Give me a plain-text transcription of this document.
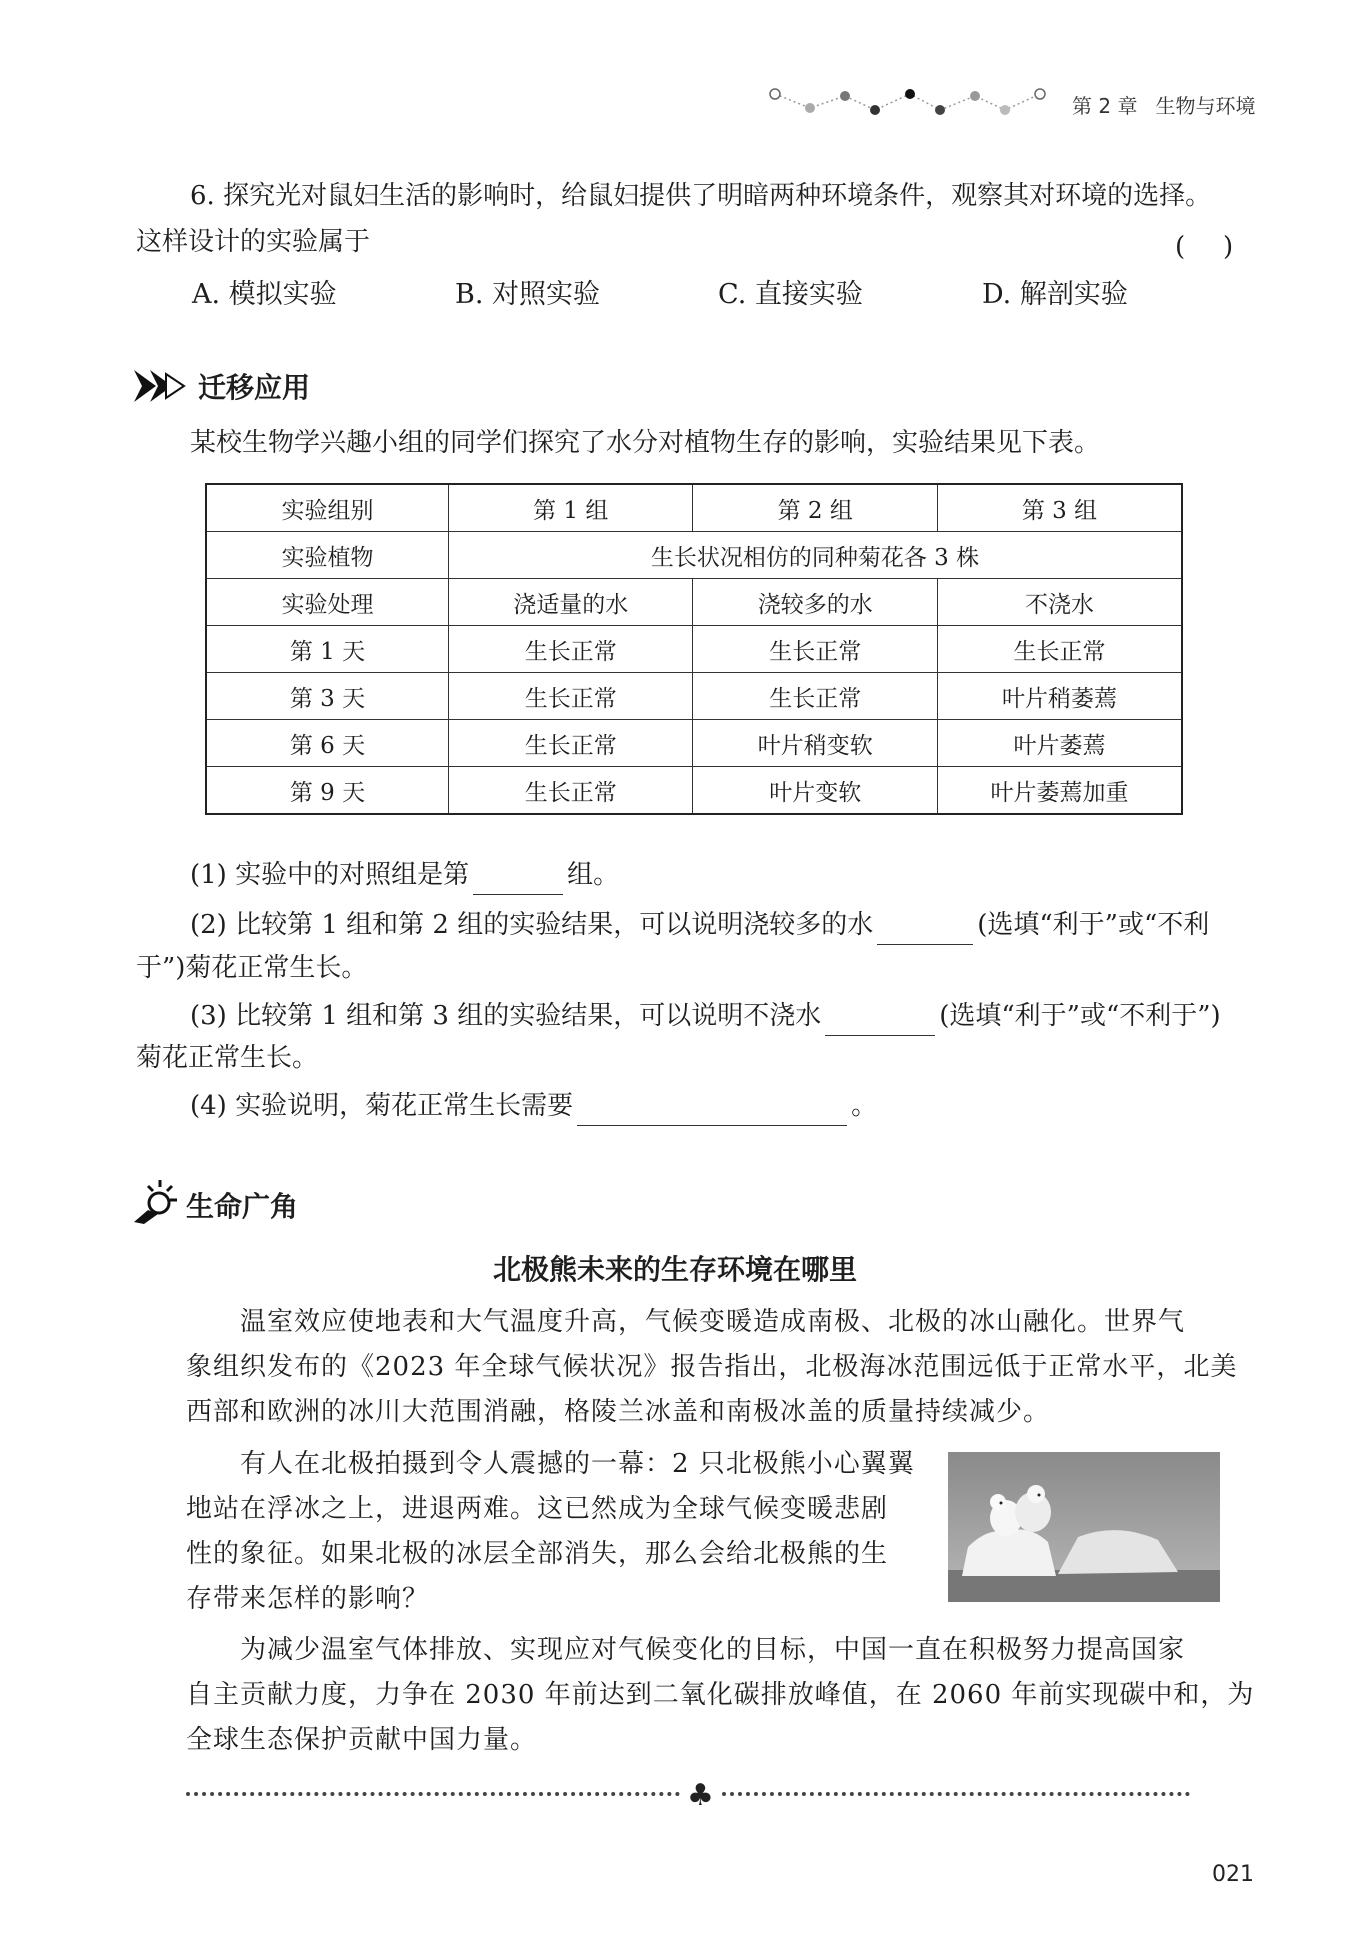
第 2 章 生物与环境
6. 探究光对鼠妇生活的影响时，给鼠妇提供了明暗两种环境条件，观察其对环境的选择。
这样设计的实验属于	( )
A. 模拟实验	B. 对照实验	C. 直接实验	D. 解剖实验
迁移应用
某校生物学兴趣小组的同学们探究了水分对植物生存的影响，实验结果见下表。
实验组别	第 1 组	第 2 组	第 3 组
实验植物	生长状况相仿的同种菊花各 3 株		
实验处理	浇适量的水	浇较多的水	不浇水
第 1 天	生长正常	生长正常	生长正常
第 3 天	生长正常	生长正常	叶片稍萎蔫
第 6 天	生长正常	叶片稍变软	叶片萎蔫
第 9 天	生长正常	叶片变软	叶片萎蔫加重
(1) 实验中的对照组是第	组。
(2) 比较第 1 组和第 2 组的实验结果，可以说明浇较多的水	(选填“利于”或“不利
于”)菊花正常生长。
(3) 比较第 1 组和第 3 组的实验结果，可以说明不浇水	(选填“利于”或“不利于”)
菊花正常生长。
(4) 实验说明，菊花正常生长需要	。
生命广角
北极熊未来的生存环境在哪里
温室效应使地表和大气温度升高，气候变暖造成南极、北极的冰山融化。世界气
象组织发布的《2023 年全球气候状况》报告指出，北极海冰范围远低于正常水平，北美
西部和欧洲的冰川大范围消融，格陵兰冰盖和南极冰盖的质量持续减少。
有人在北极拍摄到令人震撼的一幕：2 只北极熊小心翼翼
地站在浮冰之上，进退两难。这已然成为全球气候变暖悲剧
性的象征。如果北极的冰层全部消失，那么会给北极熊的生
存带来怎样的影响？
为减少温室气体排放、实现应对气候变化的目标，中国一直在积极努力提高国家
自主贡献力度，力争在 2030 年前达到二氧化碳排放峰值，在 2060 年前实现碳中和，为
全球生态保护贡献中国力量。
♣
021
